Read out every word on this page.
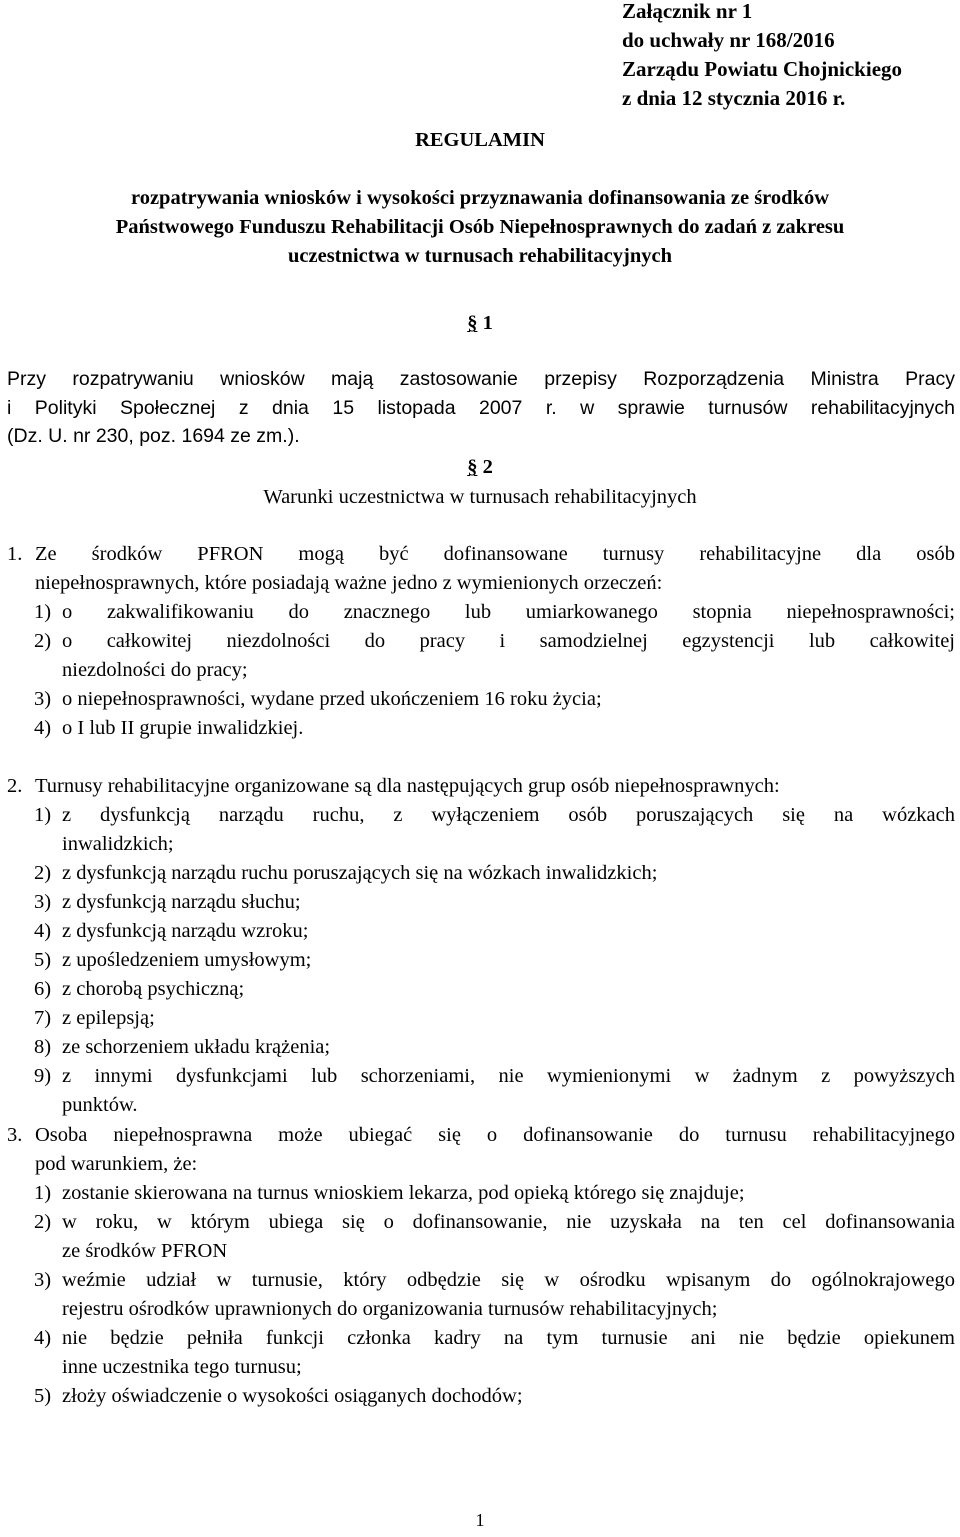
Załącznik nr 1
do uchwały nr 168/2016
Zarządu Powiatu Chojnickiego
z dnia 12 stycznia 2016 r.
REGULAMIN
rozpatrywania wniosków i wysokości przyznawania dofinansowania ze środków
Państwowego Funduszu Rehabilitacji Osób Niepełnosprawnych do zadań z zakresu
uczestnictwa w turnusach rehabilitacyjnych
§ 1
Przy rozpatrywaniu wniosków mają zastosowanie przepisy Rozporządzenia Ministra Pracy
i Polityki Społecznej z dnia 15 listopada 2007 r. w sprawie turnusów rehabilitacyjnych
(Dz. U. nr 230, poz. 1694 ze zm.).
§ 2
Warunki uczestnictwa w turnusach rehabilitacyjnych
1. Ze środków PFRON mogą być dofinansowane turnusy rehabilitacyjne dla osób
niepełnosprawnych, które posiadają ważne jedno z wymienionych orzeczeń:
1) o zakwalifikowaniu do znacznego lub umiarkowanego stopnia niepełnosprawności;
2) o całkowitej niezdolności do pracy i samodzielnej egzystencji lub całkowitej
niezdolności do pracy;
3) o niepełnosprawności, wydane przed ukończeniem 16 roku życia;
4) o I lub II grupie inwalidzkiej.
2. Turnusy rehabilitacyjne organizowane są dla następujących grup osób niepełnosprawnych:
1) z dysfunkcją narządu ruchu, z wyłączeniem osób poruszających się na wózkach
inwalidzkich;
2) z dysfunkcją narządu ruchu poruszających się na wózkach inwalidzkich;
3) z dysfunkcją narządu słuchu;
4) z dysfunkcją narządu wzroku;
5) z upośledzeniem umysłowym;
6) z chorobą psychiczną;
7) z epilepsją;
8) ze schorzeniem układu krążenia;
9) z innymi dysfunkcjami lub schorzeniami, nie wymienionymi w żadnym z powyższych
punktów.
3. Osoba niepełnosprawna może ubiegać się o dofinansowanie do turnusu rehabilitacyjnego
pod warunkiem, że:
1) zostanie skierowana na turnus wnioskiem lekarza, pod opieką którego się znajduje;
2) w roku, w którym ubiega się o dofinansowanie, nie uzyskała na ten cel dofinansowania
ze środków PFRON
3) weźmie udział w turnusie, który odbędzie się w ośrodku wpisanym do ogólnokrajowego
rejestru ośrodków uprawnionych do organizowania turnusów rehabilitacyjnych;
4) nie będzie pełniła funkcji członka kadry na tym turnusie ani nie będzie opiekunem
inne uczestnika tego turnusu;
5) złoży oświadczenie o wysokości osiąganych dochodów;
1
